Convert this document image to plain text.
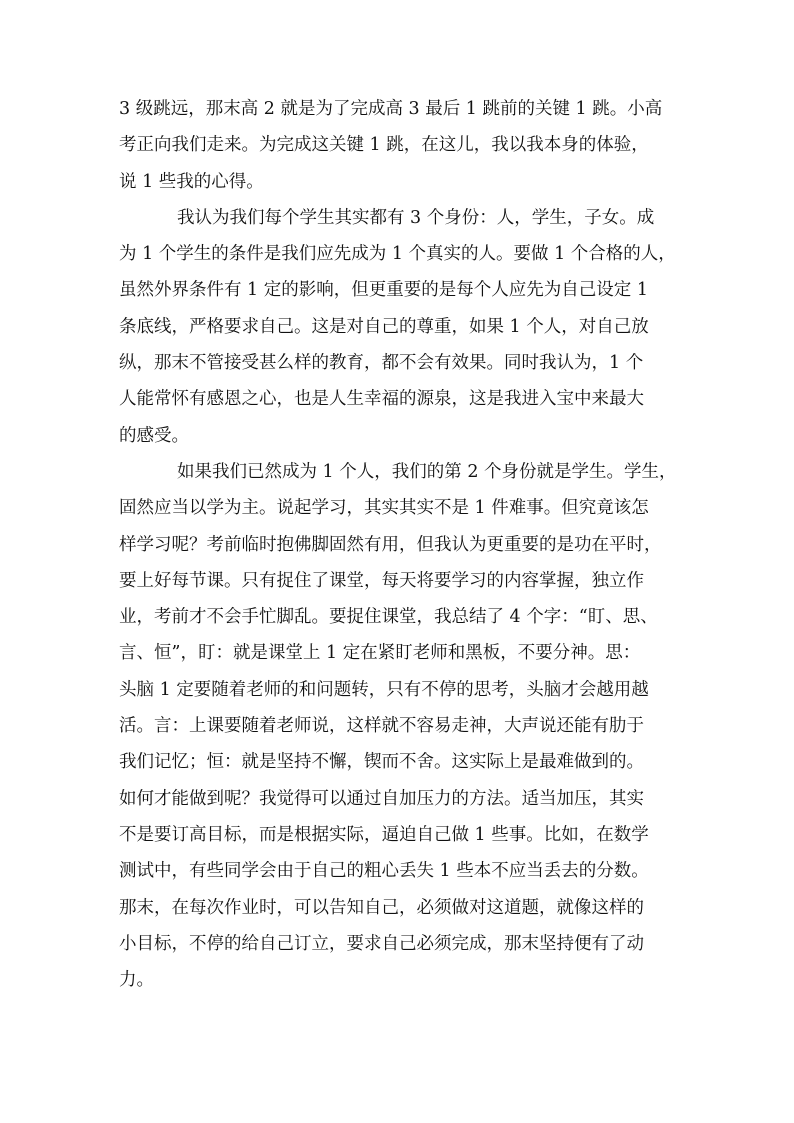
3 级跳远，那末高 2 就是为了完成高 3 最后 1 跳前的关键 1 跳。小高
考正向我们走来。为完成这关键 1 跳，在这儿，我以我本身的体验，
说 1 些我的心得。
我认为我们每个学生其实都有 3 个身份：人，学生，子女。成
为 1 个学生的条件是我们应先成为 1 个真实的人。要做 1 个合格的人，
虽然外界条件有 1 定的影响，但更重要的是每个人应先为自己设定 1
条底线，严格要求自己。这是对自己的尊重，如果 1 个人，对自己放
纵，那末不管接受甚么样的教育，都不会有效果。同时我认为，1 个
人能常怀有感恩之心，也是人生幸福的源泉，这是我进入宝中来最大
的感受。
如果我们已然成为 1 个人，我们的第 2 个身份就是学生。学生，
固然应当以学为主。说起学习，其实其实不是 1 件难事。但究竟该怎
样学习呢？考前临时抱佛脚固然有用，但我认为更重要的是功在平时，
要上好每节课。只有捉住了课堂，每天将要学习的内容掌握，独立作
业，考前才不会手忙脚乱。要捉住课堂，我总结了 4 个字：“盯、思、
言、恒”，盯：就是课堂上 1 定在紧盯老师和黑板，不要分神。思：
头脑 1 定要随着老师的和问题转，只有不停的思考，头脑才会越用越
活。言：上课要随着老师说，这样就不容易走神，大声说还能有肋于
我们记忆；恒：就是坚持不懈，锲而不舍。这实际上是最难做到的。
如何才能做到呢？我觉得可以通过自加压力的方法。适当加压，其实
不是要订高目标，而是根据实际，逼迫自己做 1 些事。比如，在数学
测试中，有些同学会由于自己的粗心丢失 1 些本不应当丢去的分数。
那末，在每次作业时，可以告知自己，必须做对这道题，就像这样的
小目标，不停的给自己订立，要求自己必须完成，那末坚持便有了动
力。
